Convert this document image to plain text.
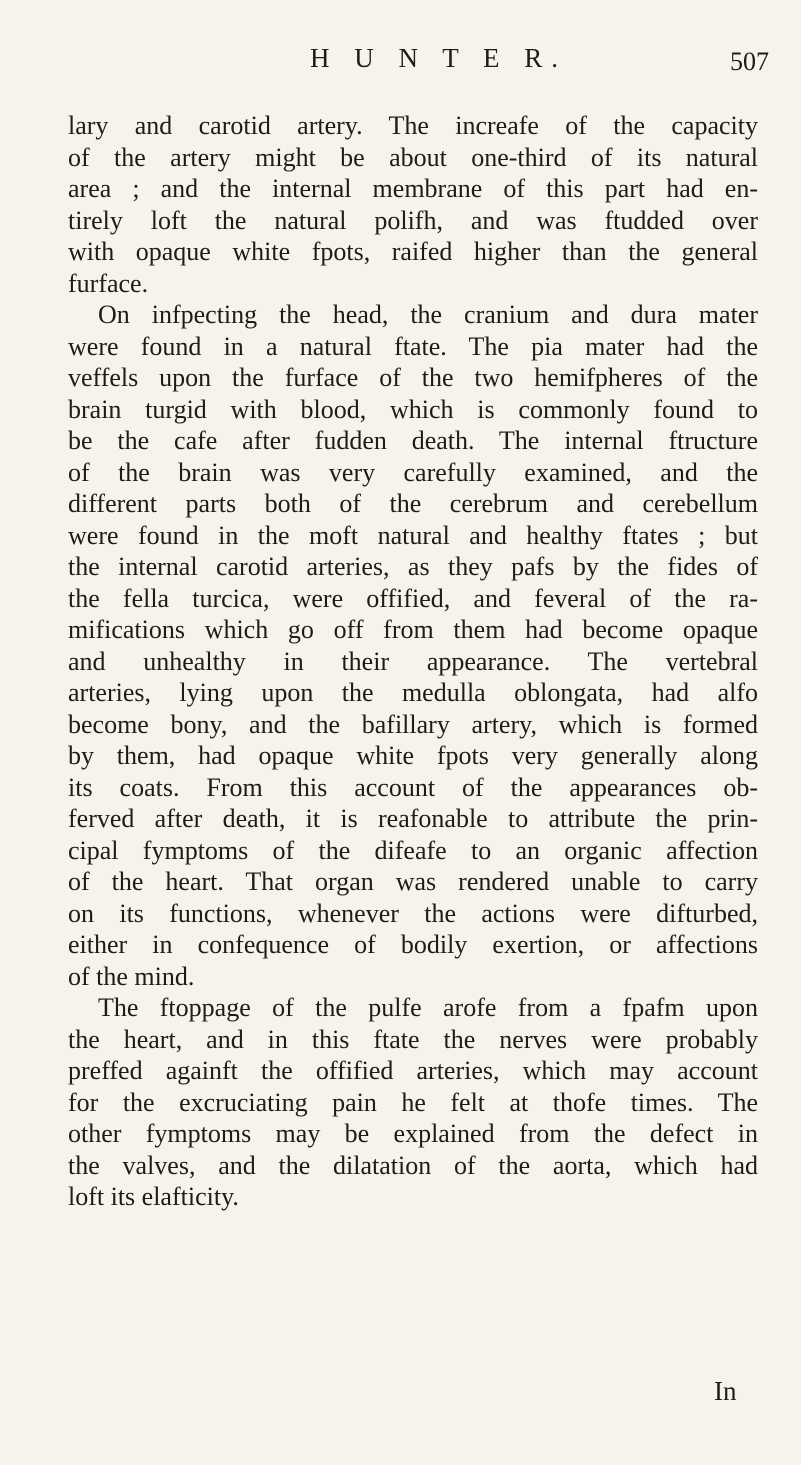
H U N T E R.	507
lary and carotid artery. The increafe of the capacity
of the artery might be about one-third of its natural
area ; and the internal membrane of this part had en-
tirely loft the natural polifh, and was ftudded over
with opaque white fpots, raifed higher than the general
furface.
On infpecting the head, the cranium and dura mater
were found in a natural ftate. The pia mater had the
veffels upon the furface of the two hemifpheres of the
brain turgid with blood, which is commonly found to
be the cafe after fudden death. The internal ftructure
of the brain was very carefully examined, and the
different parts both of the cerebrum and cerebellum
were found in the moft natural and healthy ftates ; but
the internal carotid arteries, as they pafs by the fides of
the fella turcica, were offified, and feveral of the ra-
mifications which go off from them had become opaque
and unhealthy in their appearance. The vertebral
arteries, lying upon the medulla oblongata, had alfo
become bony, and the bafillary artery, which is formed
by them, had opaque white fpots very generally along
its coats. From this account of the appearances ob-
ferved after death, it is reafonable to attribute the prin-
cipal fymptoms of the difeafe to an organic affection
of the heart. That organ was rendered unable to carry
on its functions, whenever the actions were difturbed,
either in confequence of bodily exertion, or affections
of the mind.
The ftoppage of the pulfe arofe from a fpafm upon
the heart, and in this ftate the nerves were probably
preffed againft the offified arteries, which may account
for the excruciating pain he felt at thofe times. The
other fymptoms may be explained from the defect in
the valves, and the dilatation of the aorta, which had
loft its elafticity.
In
